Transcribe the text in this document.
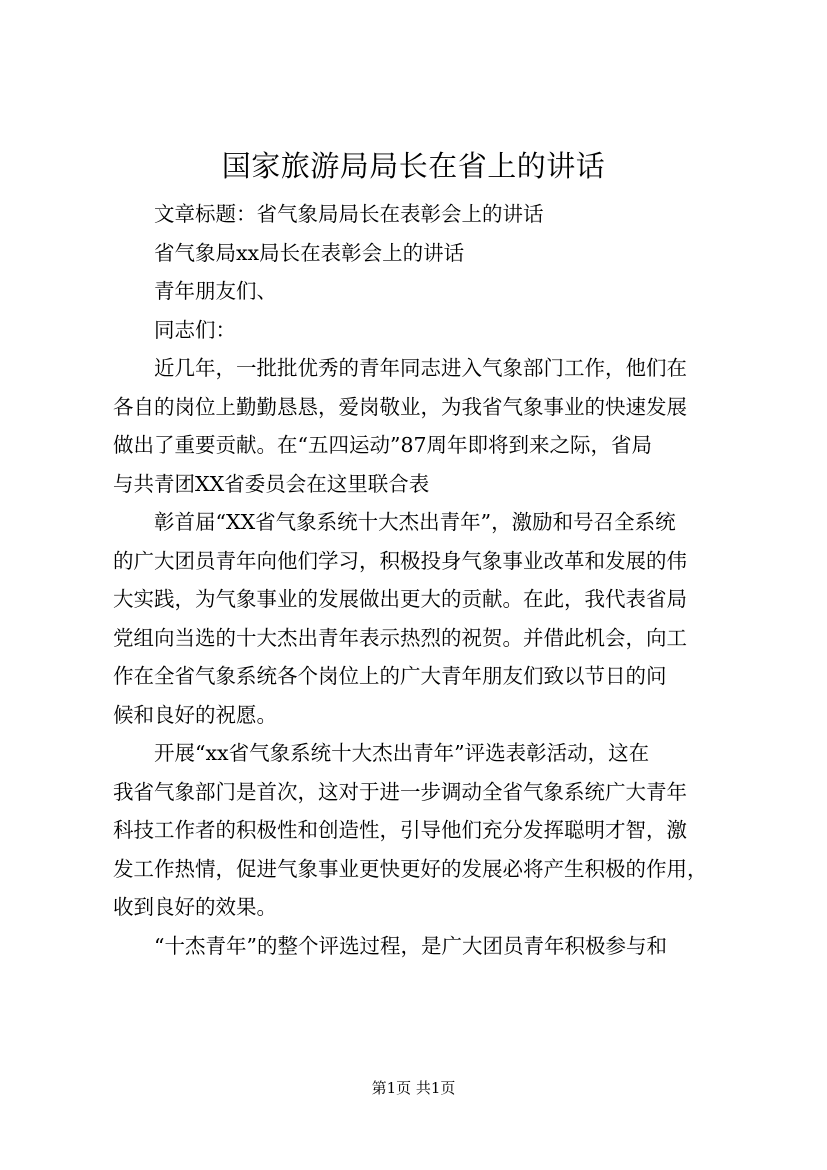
国家旅游局局长在省上的讲话
文章标题：省气象局局长在表彰会上的讲话
省气象局xx局长在表彰会上的讲话
青年朋友们、
同志们：
近几年，一批批优秀的青年同志进入气象部门工作，他们在
各自的岗位上勤勤恳恳，爱岗敬业，为我省气象事业的快速发展
做出了重要贡献。在“五四运动”87周年即将到来之际，省局
与共青团XX省委员会在这里联合表
彰首届“XX省气象系统十大杰出青年”，激励和号召全系统
的广大团员青年向他们学习，积极投身气象事业改革和发展的伟
大实践，为气象事业的发展做出更大的贡献。在此，我代表省局
党组向当选的十大杰出青年表示热烈的祝贺。并借此机会，向工
作在全省气象系统各个岗位上的广大青年朋友们致以节日的问
候和良好的祝愿。
开展“xx省气象系统十大杰出青年”评选表彰活动，这在
我省气象部门是首次，这对于进一步调动全省气象系统广大青年
科技工作者的积极性和创造性，引导他们充分发挥聪明才智，激
发工作热情，促进气象事业更快更好的发展必将产生积极的作用，
收到良好的效果。
“十杰青年”的整个评选过程，是广大团员青年积极参与和
第1页 共1页
